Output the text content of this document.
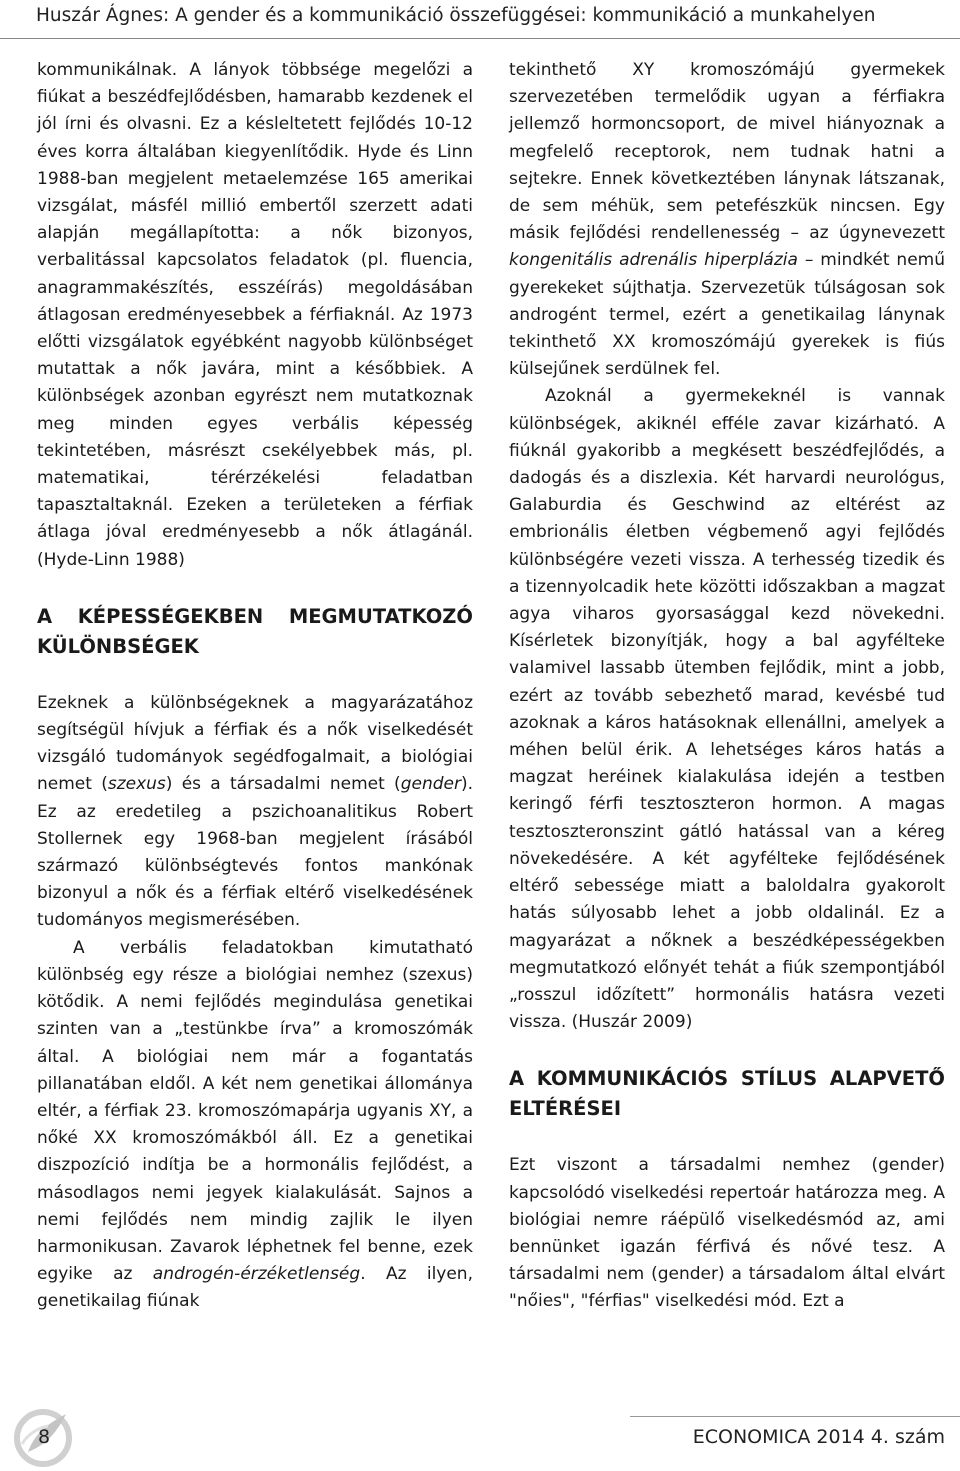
Huszár Ágnes: A gender és a kommunikáció összefüggései: kommunikáció a munkahelyen

kommunikálnak. A lányok többsége megelőzi a fiúkat a beszédfejlődésben, hamarabb kezdenek el jól írni és olvasni. Ez a késleltetett fejlődés 10-12 éves korra általában kiegyenlítődik. Hyde és Linn 1988-ban megjelent metaelemzése 165 amerikai vizsgálat, másfél millió embertől szerzett adati alapján megállapította: a nők bizonyos, verbalitással kapcsolatos feladatok (pl. fluencia, anagrammakészítés, esszéírás) megoldásában átlagosan eredményesebbek a férfiaknál. Az 1973 előtti vizsgálatok egyébként nagyobb különbséget mutattak a nők javára, mint a későbbiek. A különbségek azonban egyrészt nem mutatkoznak meg minden egyes verbális képesség tekintetében, másrészt csekélyebbek más, pl. matematikai, térérzékelési feladatban tapasztaltaknál. Ezeken a területeken a férfiak átlaga jóval eredményesebb a nők átlagánál.(Hyde-Linn 1988)

A KÉPESSÉGEKBEN MEGMUTATKOZÓ KÜLÖNBSÉGEK

Ezeknek a különbségeknek a magyarázatához segítségül hívjuk a férfiak és a nők viselkedését vizsgáló tudományok segédfogalmait, a biológiai nemet (szexus) és a társadalmi nemet (gender). Ez az eredetileg a pszichoanalitikus Robert Stollernek egy 1968-ban megjelent írásából származó különbségtevés fontos mankónak bizonyul a nők és a férfiak eltérő viselkedésének tudományos megismerésében.

A verbális feladatokban kimutatható különbség egy része a biológiai nemhez (szexus) kötődik. A nemi fejlődés megindulása genetikai szinten van a „testünkbe írva” a kromoszómák által. A biológiai nem már a fogantatás pillanatában eldől. A két nem genetikai állománya eltér, a férfiak 23. kromoszómapárja ugyanis XY, a nőké XX kromoszómákból áll. Ez a genetikai diszpozíció indítja be a hormonális fejlődést, a másodlagos nemi jegyek kialakulását. Sajnos a nemi fejlődés nem mindig zajlik le ilyen harmonikusan. Zavarok léphetnek fel benne, ezek egyike az androgén-érzéketlenség. Az ilyen, genetikailag fiúnak

tekinthető XY kromoszómájú gyermekek szervezetében termelődik ugyan a férfiakra jellemző hormoncsoport, de mivel hiányoznak a megfelelő receptorok, nem tudnak hatni a sejtekre. Ennek következtében lánynak látszanak, de sem méhük, sem petefészkük nincsen. Egy másik fejlődési rendellenesség – az úgynevezett kongenitális adrenális hiperplázia – mindkét nemű gyerekeket sújthatja. Szervezetük túlságosan sok androgént termel, ezért a genetikailag lánynak tekinthető XX kromoszómájú gyerekek is fiús külsejűnek serdülnek fel.

Azoknál a gyermekeknél is vannak különbségek, akiknél efféle zavar kizárható. A fiúknál gyakoribb a megkésett beszédfejlődés, a dadogás és a diszlexia. Két harvardi neurológus, Galaburdia és Geschwind az eltérést az embrionális életben végbemenő agyi fejlődés különbségére vezeti vissza. A terhesség tizedik és a tizennyolcadik hete közötti időszakban a magzat agya viharos gyorsasággal kezd növekedni. Kísérletek bizonyítják, hogy a bal agyfélteke valamivel lassabb ütemben fejlődik, mint a jobb, ezért az tovább sebezhető marad, kevésbé tud azoknak a káros hatásoknak ellenállni, amelyek a méhen belül érik. A lehetséges káros hatás a magzat heréinek kialakulása idején a testben keringő férfi tesztoszteron hormon. A magas tesztoszteronszint gátló hatással van a kéreg növekedésére. A két agyfélteke fejlődésének eltérő sebessége miatt a baloldalra gyakorolt hatás súlyosabb lehet a jobb oldalinál. Ez a magyarázat a nőknek a beszédképességekben megmutatkozó előnyét tehát a fiúk szempontjából „rosszul időzített” hormonális hatásra vezeti vissza. (Huszár 2009)

A KOMMUNIKÁCIÓS STÍLUS ALAPVETŐ ELTÉRÉSEI

Ezt viszont a társadalmi nemhez (gender) kapcsolódó viselkedési repertoár határozza meg. A biológiai nemre ráépülő viselkedésmód az, ami bennünket igazán férfivá és nővé tesz. A társadalmi nem (gender) a társadalom által elvárt "nőies", "férfias" viselkedési mód. Ezt a

8	ECONOMICA 2014 4. szám
